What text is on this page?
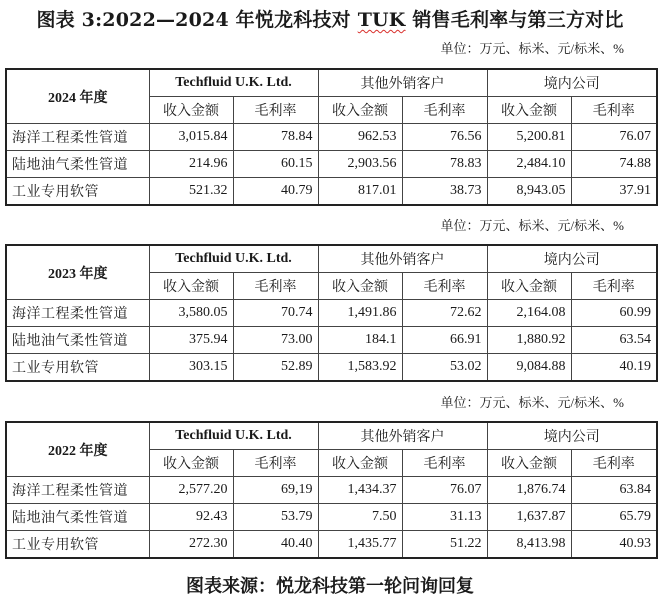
图表 3:2022—2024 年悦龙科技对 TUK 销售毛利率与第三方对比
单位：万元、标米、元/标米、%
2024 年度	Techfluid U.K. Ltd.		其他外销客户		境内公司	
	收入金额	毛利率	收入金额	毛利率	收入金额	毛利率
海洋工程柔性管道	3,015.84	78.84	962.53	76.56	5,200.81	76.07
陆地油气柔性管道	214.96	60.15	2,903.56	78.83	2,484.10	74.88
工业专用软管	521.32	40.79	817.01	38.73	8,943.05	37.91
单位：万元、标米、元/标米、%
2023 年度	Techfluid U.K. Ltd.		其他外销客户		境内公司	
	收入金额	毛利率	收入金额	毛利率	收入金额	毛利率
海洋工程柔性管道	3,580.05	70.74	1,491.86	72.62	2,164.08	60.99
陆地油气柔性管道	375.94	73.00	184.1	66.91	1,880.92	63.54
工业专用软管	303.15	52.89	1,583.92	53.02	9,084.88	40.19
单位：万元、标米、元/标米、%
2022 年度	Techfluid U.K. Ltd.		其他外销客户		境内公司	
	收入金额	毛利率	收入金额	毛利率	收入金额	毛利率
海洋工程柔性管道	2,577.20	69,19	1,434.37	76.07	1,876.74	63.84
陆地油气柔性管道	92.43	53.79	7.50	31.13	1,637.87	65.79
工业专用软管	272.30	40.40	1,435.77	51.22	8,413.98	40.93
图表来源：悦龙科技第一轮问询回复
